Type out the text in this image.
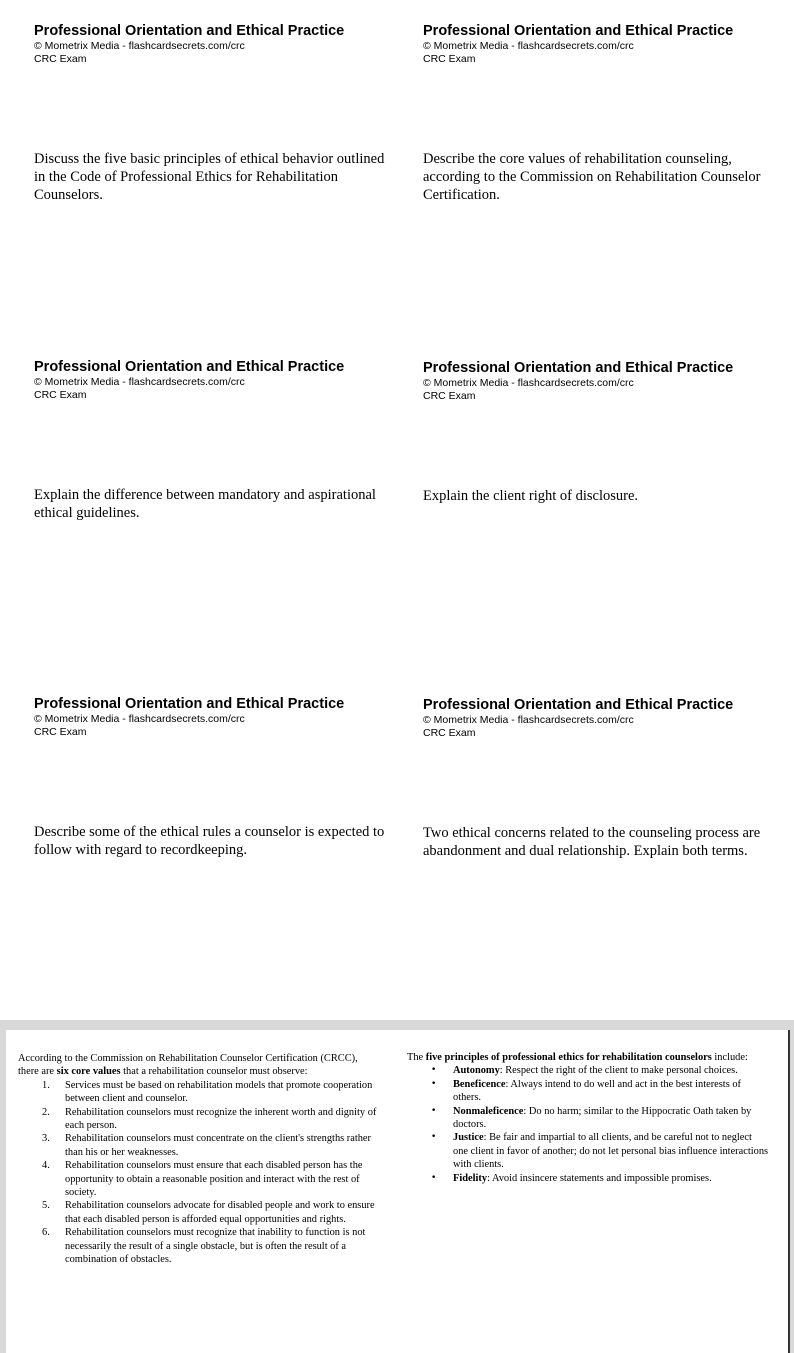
Professional Orientation and Ethical Practice
© Mometrix Media - flashcardsecrets.com/crc
CRC Exam
Discuss the five basic principles of ethical behavior outlined in the Code of Professional Ethics for Rehabilitation Counselors.
Professional Orientation and Ethical Practice
© Mometrix Media - flashcardsecrets.com/crc
CRC Exam
Describe the core values of rehabilitation counseling, according to the Commission on Rehabilitation Counselor Certification.
Professional Orientation and Ethical Practice
© Mometrix Media - flashcardsecrets.com/crc
CRC Exam
Explain the difference between mandatory and aspirational ethical guidelines.
Professional Orientation and Ethical Practice
© Mometrix Media - flashcardsecrets.com/crc
CRC Exam
Explain the client right of disclosure.
Professional Orientation and Ethical Practice
© Mometrix Media - flashcardsecrets.com/crc
CRC Exam
Describe some of the ethical rules a counselor is expected to follow with regard to recordkeeping.
Professional Orientation and Ethical Practice
© Mometrix Media - flashcardsecrets.com/crc
CRC Exam
Two ethical concerns related to the counseling process are abandonment and dual relationship. Explain both terms.

According to the Commission on Rehabilitation Counselor Certification (CRCC), there are six core values that a rehabilitation counselor must observe:

1. Services must be based on rehabilitation models that promote cooperation between client and counselor.
2. Rehabilitation counselors must recognize the inherent worth and dignity of each person.
3. Rehabilitation counselors must concentrate on the client's strengths rather than his or her weaknesses.
4. Rehabilitation counselors must ensure that each disabled person has the opportunity to obtain a reasonable position and interact with the rest of society.
5. Rehabilitation counselors advocate for disabled people and work to ensure that each disabled person is afforded equal opportunities and rights.
6. Rehabilitation counselors must recognize that inability to function is not necessarily the result of a single obstacle, but is often the result of a combination of obstacles.

The five principles of professional ethics for rehabilitation counselors include:

• Autonomy: Respect the right of the client to make personal choices.
• Beneficence: Always intend to do well and act in the best interests of others.
• Nonmaleficence: Do no harm; similar to the Hippocratic Oath taken by doctors.
• Justice: Be fair and impartial to all clients, and be careful not to neglect one client in favor of another; do not let personal bias influence interactions with clients.
• Fidelity: Avoid insincere statements and impossible promises.
